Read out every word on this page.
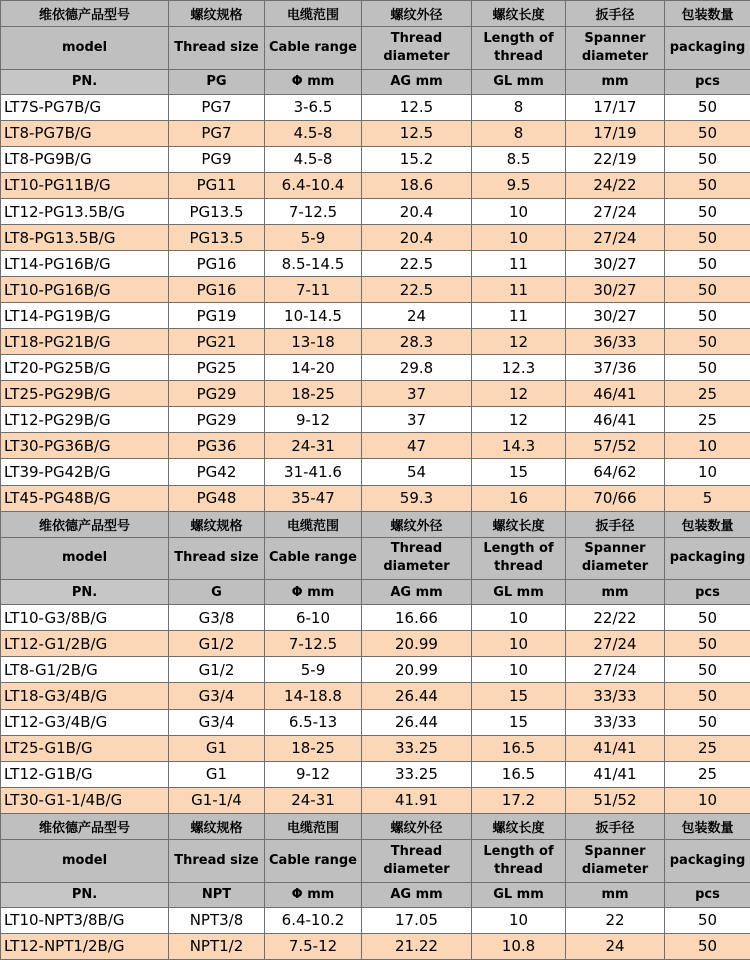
维依德产品型号	螺纹规格	电缆范围	螺纹外径	螺纹长度	扳手径	包装数量
model	Thread size	Cable range	Thread diameter	Length of thread	Spanner diameter	packaging
PN.	PG	Φ mm	AG mm	GL mm	mm	pcs
LT7S-PG7B/G	PG7	3-6.5	12.5	8	17/17	50
LT8-PG7B/G	PG7	4.5-8	12.5	8	17/19	50
LT8-PG9B/G	PG9	4.5-8	15.2	8.5	22/19	50
LT10-PG11B/G	PG11	6.4-10.4	18.6	9.5	24/22	50
LT12-PG13.5B/G	PG13.5	7-12.5	20.4	10	27/24	50
LT8-PG13.5B/G	PG13.5	5-9	20.4	10	27/24	50
LT14-PG16B/G	PG16	8.5-14.5	22.5	11	30/27	50
LT10-PG16B/G	PG16	7-11	22.5	11	30/27	50
LT14-PG19B/G	PG19	10-14.5	24	11	30/27	50
LT18-PG21B/G	PG21	13-18	28.3	12	36/33	50
LT20-PG25B/G	PG25	14-20	29.8	12.3	37/36	50
LT25-PG29B/G	PG29	18-25	37	12	46/41	25
LT12-PG29B/G	PG29	9-12	37	12	46/41	25
LT30-PG36B/G	PG36	24-31	47	14.3	57/52	10
LT39-PG42B/G	PG42	31-41.6	54	15	64/62	10
LT45-PG48B/G	PG48	35-47	59.3	16	70/66	5
维依德产品型号	螺纹规格	电缆范围	螺纹外径	螺纹长度	扳手径	包装数量
model	Thread size	Cable range	Thread diameter	Length of thread	Spanner diameter	packaging
PN.	G	Φ mm	AG mm	GL mm	mm	pcs
LT10-G3/8B/G	G3/8	6-10	16.66	10	22/22	50
LT12-G1/2B/G	G1/2	7-12.5	20.99	10	27/24	50
LT8-G1/2B/G	G1/2	5-9	20.99	10	27/24	50
LT18-G3/4B/G	G3/4	14-18.8	26.44	15	33/33	50
LT12-G3/4B/G	G3/4	6.5-13	26.44	15	33/33	50
LT25-G1B/G	G1	18-25	33.25	16.5	41/41	25
LT12-G1B/G	G1	9-12	33.25	16.5	41/41	25
LT30-G1-1/4B/G	G1-1/4	24-31	41.91	17.2	51/52	10
维依德产品型号	螺纹规格	电缆范围	螺纹外径	螺纹长度	扳手径	包装数量
model	Thread size	Cable range	Thread diameter	Length of thread	Spanner diameter	packaging
PN.	NPT	Φ mm	AG mm	GL mm	mm	pcs
LT10-NPT3/8B/G	NPT3/8	6.4-10.2	17.05	10	22	50
LT12-NPT1/2B/G	NPT1/2	7.5-12	21.22	10.8	24	50
